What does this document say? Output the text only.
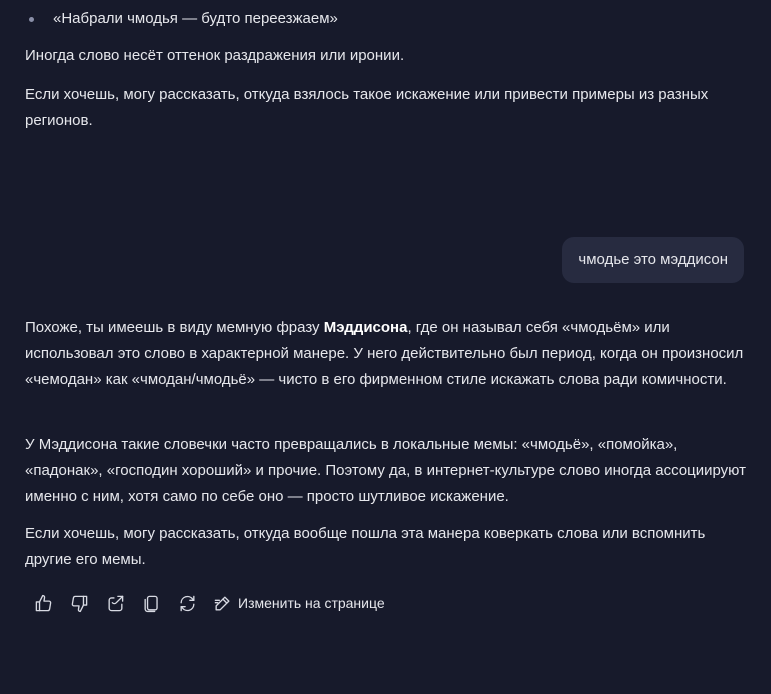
«Набрали чмодья — будто переезжаем»

Иногда слово несёт оттенок раздражения или иронии.

Если хочешь, могу рассказать, откуда взялось такое искажение или привести примеры из разных регионов.

чмодье это мэддисон

Похоже, ты имеешь в виду мемную фразу Мэддисона, где он называл себя «чмодьём» или использовал это слово в характерной манере. У него действительно был период, когда он произносил «чемодан» как «чмодан/чмодьё» — чисто в его фирменном стиле искажать слова ради комичности.

У Мэддисона такие словечки часто превращались в локальные мемы: «чмодьё», «помойка», «падонак», «господин хороший» и прочие. Поэтому да, в интернет-культуре слово иногда ассоциируют именно с ним, хотя само по себе оно — просто шутливое искажение.

Если хочешь, могу рассказать, откуда вообще пошла эта манера коверкать слова или вспомнить другие его мемы.

Изменить на странице
